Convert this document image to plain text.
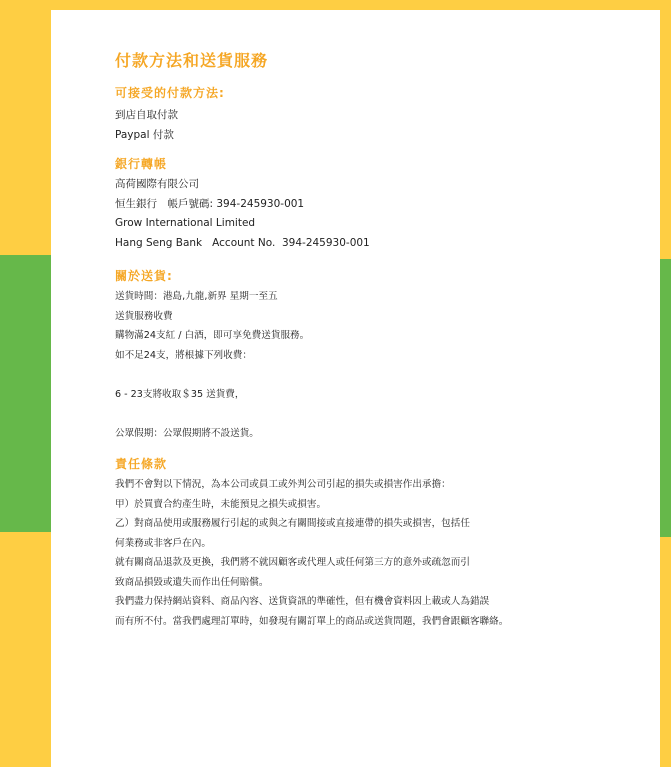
付款方法和送貨服務
可接受的付款方法:
到店自取付款
Paypal 付款
銀行轉帳
高荷國際有限公司
恒生銀行　帳戶號碼: 394-245930-001
Grow International Limited
Hang Seng Bank   Account No.  394-245930-001
關於送貨:
送貨時間：港島,九龍,新界 星期一至五
送貨服務收費
購物滿24支紅 / 白酒，即可享免費送貨服務。
如不足24支，將根據下列收費：
6 - 23支將收取＄35 送貨費，
公眾假期：公眾假期將不設送貨。
責任條款
我們不會對以下情況，為本公司或員工或外判公司引起的損失或損害作出承擔：
甲）於買賣合約產生時，未能預見之損失或損害。
乙）對商品使用或服務履行引起的或與之有關間接或直接連帶的損失或損害，包括任
何業務或非客戶在內。
就有關商品退款及更換，我們將不就因顧客或代理人或任何第三方的意外或疏忽而引
致商品損毀或遺失而作出任何賠償。
我們盡力保持網站資料、商品內容、送貨資訊的準確性，但有機會資料因上載或人為錯誤
而有所不付。當我們處理訂單時，如發現有關訂單上的商品或送貨問題，我們會跟顧客聯絡。
